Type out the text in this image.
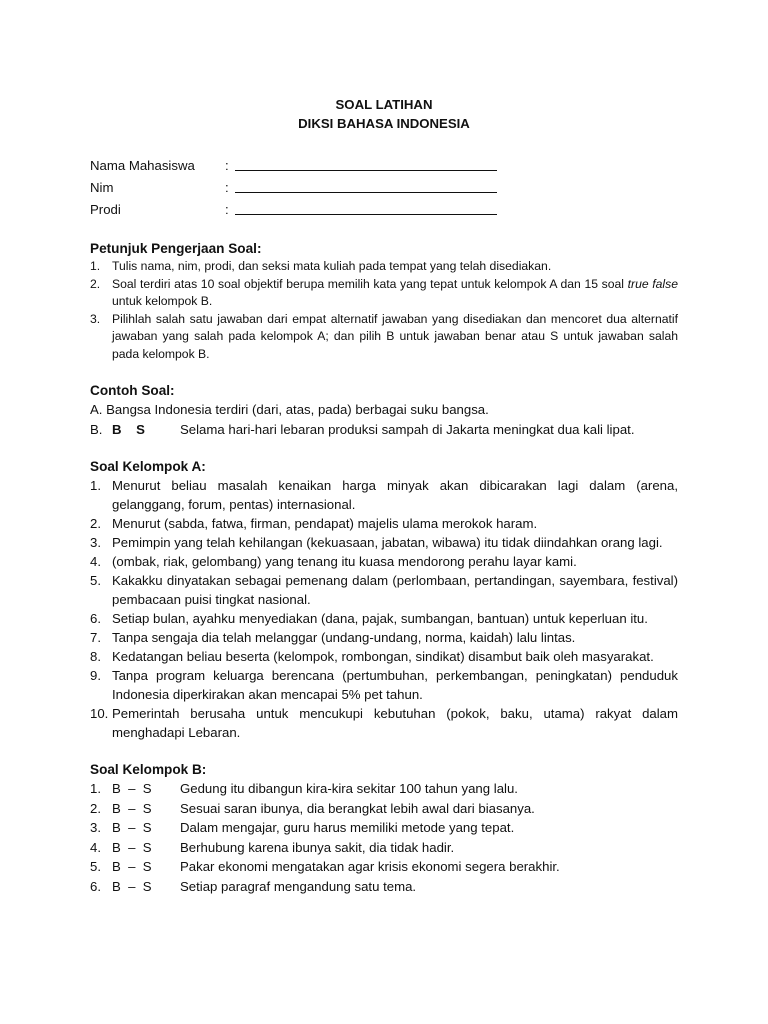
SOAL LATIHAN
DIKSI BAHASA INDONESIA
Nama Mahasiswa	:
Nim	:
Prodi	:
Petunjuk Pengerjaan Soal:
1. Tulis nama, nim, prodi, dan seksi mata kuliah pada tempat yang telah disediakan.
2. Soal terdiri atas 10 soal objektif berupa memilih kata yang tepat untuk kelompok A dan 15 soal true false untuk kelompok B.
3. Pilihlah salah satu jawaban dari empat alternatif jawaban yang disediakan dan mencoret dua alternatif jawaban yang salah pada kelompok A; dan pilih B untuk jawaban benar atau S untuk jawaban salah pada kelompok B.
Contoh Soal:
A. Bangsa Indonesia terdiri (dari, atas, pada) berbagai suku bangsa.
B. B    S	Selama hari-hari lebaran produksi sampah di Jakarta meningkat dua kali lipat.
Soal Kelompok A:
1. Menurut beliau masalah kenaikan harga minyak akan dibicarakan lagi dalam (arena, gelanggang, forum, pentas) internasional.
2. Menurut (sabda, fatwa, firman, pendapat) majelis ulama merokok haram.
3. Pemimpin yang telah kehilangan (kekuasaan, jabatan, wibawa) itu tidak diindahkan orang lagi.
4. (ombak, riak, gelombang) yang tenang itu kuasa mendorong perahu layar kami.
5. Kakakku dinyatakan sebagai pemenang dalam (perlombaan, pertandingan, sayembara, festival) pembacaan puisi tingkat nasional.
6. Setiap bulan, ayahku menyediakan (dana, pajak, sumbangan, bantuan) untuk keperluan itu.
7. Tanpa sengaja dia telah melanggar (undang-undang, norma, kaidah) lalu lintas.
8. Kedatangan beliau beserta (kelompok, rombongan, sindikat) disambut baik oleh masyarakat.
9. Tanpa program keluarga berencana (pertumbuhan, perkembangan, peningkatan) penduduk Indonesia diperkirakan akan mencapai 5% pet tahun.
10. Pemerintah berusaha untuk mencukupi kebutuhan (pokok, baku, utama) rakyat dalam menghadapi Lebaran.
Soal Kelompok B:
1. B  –  S	Gedung itu dibangun kira-kira sekitar 100 tahun yang lalu.
2. B  –  S	Sesuai saran ibunya, dia berangkat lebih awal dari biasanya.
3. B  –  S	Dalam mengajar, guru harus memiliki metode yang tepat.
4. B  –  S	Berhubung karena ibunya sakit, dia tidak hadir.
5. B  –  S	Pakar ekonomi mengatakan agar krisis ekonomi segera berakhir.
6. B  –  S	Setiap paragraf mengandung satu tema.
